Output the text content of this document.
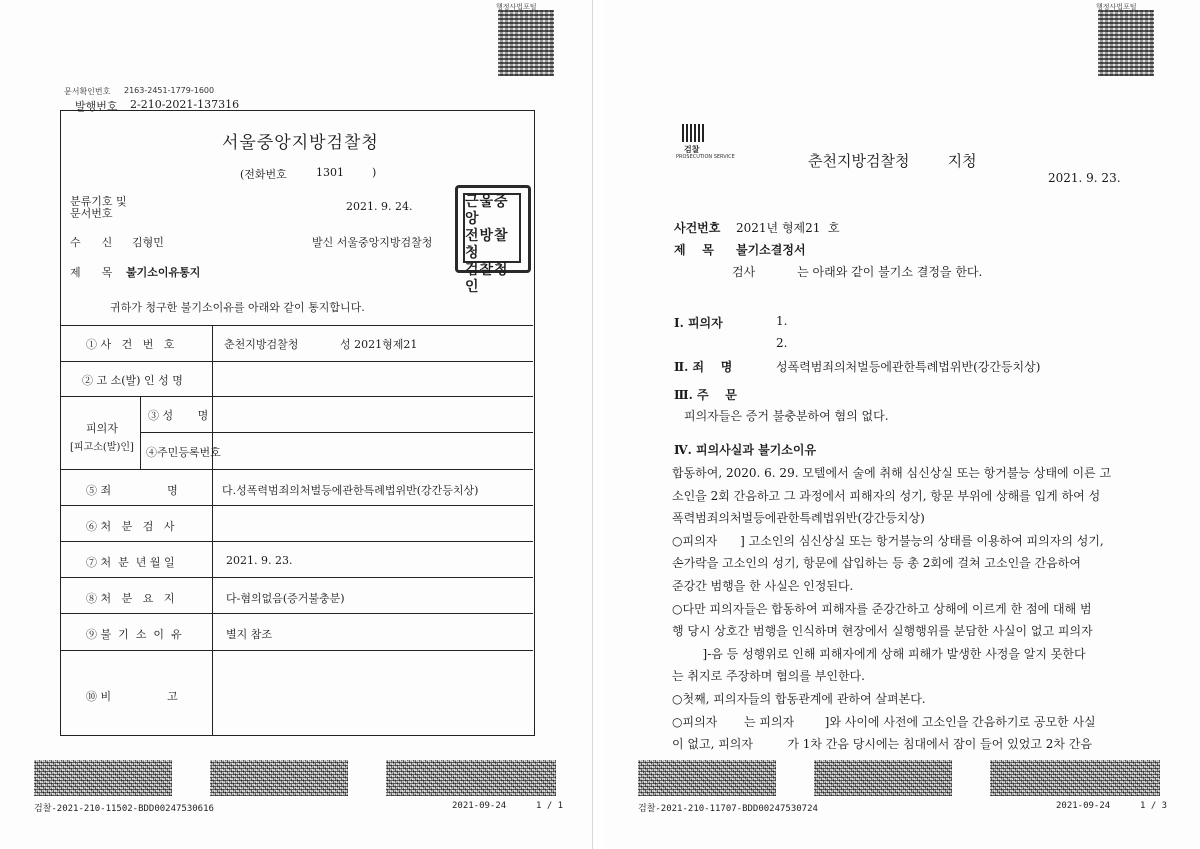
행정사법포털
문서확인번호 2163-2451-1779-1600
발행번호 2-210-2021-137316
서울중앙지방검찰청
(전화번호	1301	)
분류기호 및
문서번호
2021. 9. 24.
수      신 김형민	발신 서울중앙지방검찰청
제      목 불기소이유통지
근울중앙
전방찰청
검찰청인
귀하가 청구한 불기소이유를 아래와 같이 통지합니다.
① 사   건   번   호	춘천지방검찰청	성 2021형제21
② 고 소(발) 인 성 명
피의자
[피고소(발)인]
③ 성       명
④주민등록번호
⑤ 죄                명	다.성폭력범죄의처벌등에관한특례법위반(강간등치상)
⑥ 처   분   검   사
⑦ 처  분  년 월 일	2021. 9. 23.
⑧ 처   분   요   지	다-혐의없음(증거불충분)
⑨ 불  기  소  이  유	별지 참조
⑩ 비                고
검찰-2021-210-11502-BDD00247530616	2021-09-24	1 / 1
행정사법포털
검찰
PROSECUTION SERVICE	춘천지방검찰청        지청
2021. 9. 23.
사건번호 2021년 형제21  호
제    목 불기소결정서
검사           는 아래와 같이 불기소 결정을 한다.
Ⅰ. 피의자	1.
2.
Ⅱ. 죄    명	성폭력범죄의처벌등에관한특례법위반(강간등치상)
Ⅲ. 주    문
피의자들은 증거 불충분하여 혐의 없다.
Ⅳ. 피의사실과 불기소이유
합동하여, 2020. 6. 29. 모텔에서 술에 취해 심신상실 또는 항거불능 상태에 이른 고
소인을 2회 간음하고 그 과정에서 피해자의 성기, 항문 부위에 상해를 입게 하여 성
폭력범죄의처벌등에관한특례법위반(강간등치상)
○피의자      ] 고소인의 심신상실 또는 항거불능의 상태를 이용하여 피의자의 성기,
손가락을 고소인의 성기, 항문에 삽입하는 등 총 2회에 걸쳐 고소인을 간음하여
준강간 범행을 한 사실은 인정된다.
○다만 피의자들은 합동하여 피해자를 준강간하고 상해에 이르게 한 점에 대해 범
행 당시 상호간 범행을 인식하며 현장에서 실행행위를 분담한 사실이 없고 피의자
]-음 등 성행위로 인해 피해자에게 상해 피해가 발생한 사정을 알지 못한다
는 취지로 주장하며 혐의를 부인한다.
○첫째, 피의자들의 합동관계에 관하여 살펴본다.
○피의자       는 피의자        ]와 사이에 사전에 고소인을 간음하기로 공모한 사실
이 없고, 피의자         가 1차 간음 당시에는 침대에서 잠이 들어 있었고 2차 간음
검찰-2021-210-11707-BDD00247530724	2021-09-24	1 / 3
